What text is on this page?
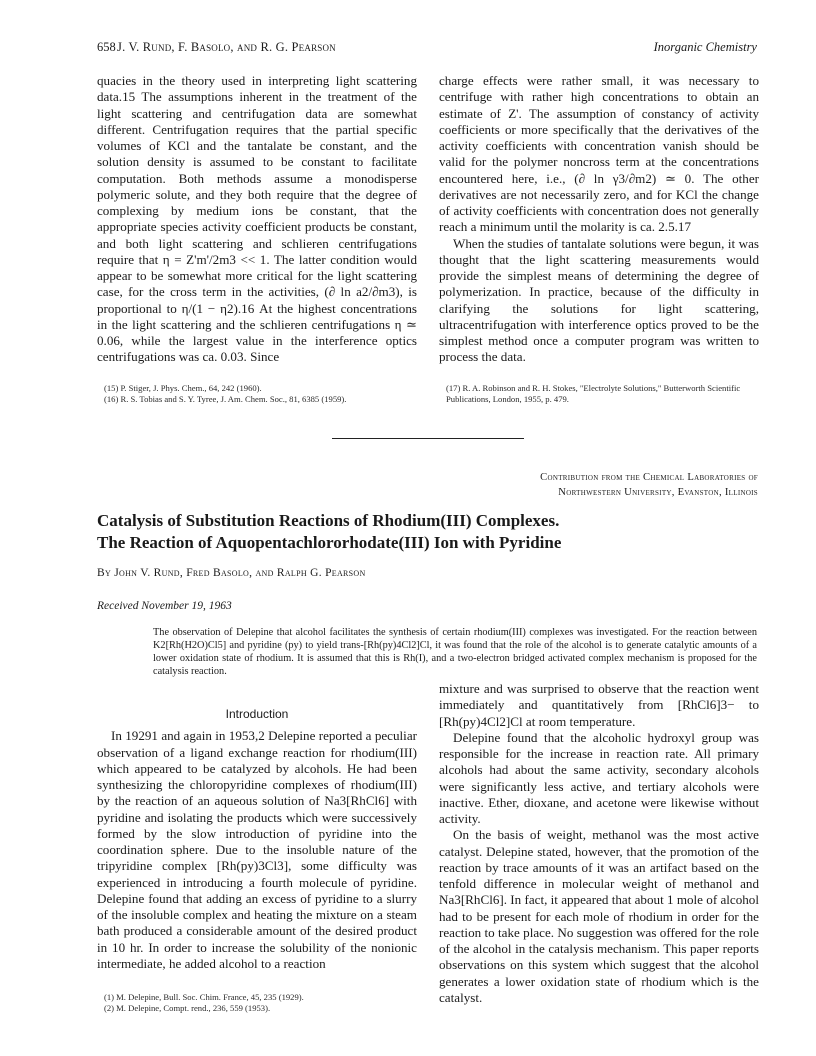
658 J. V. Rund, F. Basolo, and R. G. Pearson	Inorganic Chemistry

quacies in the theory used in interpreting light scattering data.15 The assumptions inherent in the treatment of the light scattering and centrifugation data are somewhat different. Centrifugation requires that the partial specific volumes of KCl and the tantalate be constant, and the solution density is assumed to be constant to facilitate computation. Both methods assume a monodisperse polymeric solute, and they both require that the degree of complexing by medium ions be constant, that the appropriate species activity coefficient products be constant, and both light scattering and schlieren centrifugations require that η = Z'm'/2m3 << 1. The latter condition would appear to be somewhat more critical for the light scattering case, for the cross term in the activities, (∂ ln a2/∂m3), is proportional to η/(1 − η2).16 At the highest concentrations in the light scattering and the schlieren centrifugations η ≃ 0.06, while the largest value in the interference optics centrifugations was ca. 0.03. Since

(15) P. Stiger, J. Phys. Chem., 64, 242 (1960).
(16) R. S. Tobias and S. Y. Tyree, J. Am. Chem. Soc., 81, 6385 (1959).

charge effects were rather small, it was necessary to centrifuge with rather high concentrations to obtain an estimate of Z'. The assumption of constancy of activity coefficients or more specifically that the derivatives of the activity coefficients with concentration vanish should be valid for the polymer noncross term at the concentrations encountered here, i.e., (∂ ln γ3/∂m2) ≃ 0. The other derivatives are not necessarily zero, and for KCl the change of activity coefficients with concentration does not generally reach a minimum until the molarity is ca. 2.5.17

When the studies of tantalate solutions were begun, it was thought that the light scattering measurements would provide the simplest means of determining the degree of polymerization. In practice, because of the difficulty in clarifying the solutions for light scattering, ultracentrifugation with interference optics proved to be the simplest method once a computer program was written to process the data.

(17) R. A. Robinson and R. H. Stokes, "Electrolyte Solutions," Butterworth Scientific Publications, London, 1955, p. 479.
Contribution from the Chemical Laboratories of
Northwestern University, Evanston, Illinois
Catalysis of Substitution Reactions of Rhodium(III) Complexes.
The Reaction of Aquopentachlororhodate(III) Ion with Pyridine
By John V. Rund, Fred Basolo, and Ralph G. Pearson
Received November 19, 1963
The observation of Delepine that alcohol facilitates the synthesis of certain rhodium(III) complexes was investigated. For the reaction between K2[Rh(H2O)Cl5] and pyridine (py) to yield trans-[Rh(py)4Cl2]Cl, it was found that the role of the alcohol is to generate catalytic amounts of a lower oxidation state of rhodium. It is assumed that this is Rh(I), and a two-electron bridged activated complex mechanism is proposed for the catalysis reaction.
Introduction

In 19291 and again in 1953,2 Delepine reported a peculiar observation of a ligand exchange reaction for rhodium(III) which appeared to be catalyzed by alcohols. He had been synthesizing the chloropyridine complexes of rhodium(III) by the reaction of an aqueous solution of Na3[RhCl6] with pyridine and isolating the products which were successively formed by the slow introduction of pyridine into the coordination sphere. Due to the insoluble nature of the tripyridine complex [Rh(py)3Cl3], some difficulty was experienced in introducing a fourth molecule of pyridine. Delepine found that adding an excess of pyridine to a slurry of the insoluble complex and heating the mixture on a steam bath produced a considerable amount of the desired product in 10 hr. In order to increase the solubility of the nonionic intermediate, he added alcohol to a reaction

(1) M. Delepine, Bull. Soc. Chim. France, 45, 235 (1929).
(2) M. Delepine, Compt. rend., 236, 559 (1953).

mixture and was surprised to observe that the reaction went immediately and quantitatively from [RhCl6]3− to [Rh(py)4Cl2]Cl at room temperature.

Delepine found that the alcoholic hydroxyl group was responsible for the increase in reaction rate. All primary alcohols had about the same activity, secondary alcohols were significantly less active, and tertiary alcohols were inactive. Ether, dioxane, and acetone were likewise without activity.

On the basis of weight, methanol was the most active catalyst. Delepine stated, however, that the promotion of the reaction by trace amounts of it was an artifact based on the tenfold difference in molecular weight of methanol and Na3[RhCl6]. In fact, it appeared that about 1 mole of alcohol had to be present for each mole of rhodium in order for the reaction to take place. No suggestion was offered for the role of the alcohol in the catalysis mechanism. This paper reports observations on this system which suggest that the alcohol generates a lower oxidation state of rhodium which is the catalyst.
